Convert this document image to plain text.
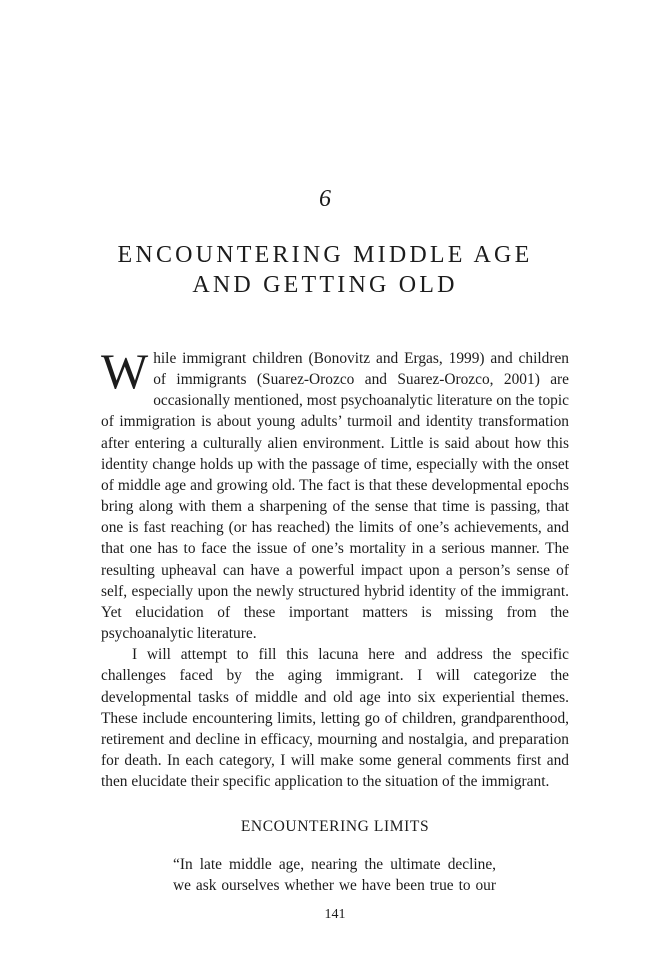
6
ENCOUNTERING MIDDLE AGE
AND GETTING OLD

While immigrant children (Bonovitz and Ergas, 1999) and children of immigrants (Suarez-Orozco and Suarez-Orozco, 2001) are occasionally mentioned, most psychoanalytic literature on the topic of immigration is about young adults’ turmoil and identity transformation after entering a culturally alien environment. Little is said about how this identity change holds up with the passage of time, especially with the onset of middle age and growing old. The fact is that these developmental epochs bring along with them a sharpening of the sense that time is passing, that one is fast reaching (or has reached) the limits of one’s achievements, and that one has to face the issue of one’s mortality in a serious manner. The resulting upheaval can have a powerful impact upon a person’s sense of self, especially upon the newly structured hybrid identity of the immigrant. Yet elucidation of these important matters is missing from the psychoanalytic literature.

I will attempt to fill this lacuna here and address the specific challenges faced by the aging immigrant. I will categorize the developmental tasks of middle and old age into six experiential themes. These include encountering limits, letting go of children, grandparenthood, retirement and decline in efficacy, mourning and nostalgia, and preparation for death. In each category, I will make some general comments first and then elucidate their specific application to the situation of the immigrant.

ENCOUNTERING LIMITS
“In late middle age, nearing the ultimate decline,
we ask ourselves whether we have been true to our
141
